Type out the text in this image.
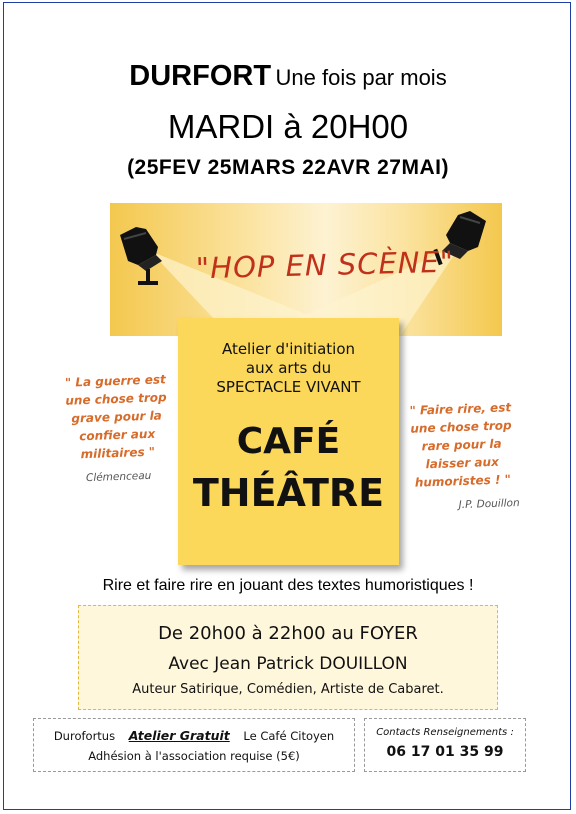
DURFORT Une fois par mois
MARDI à 20H00
(25FEV 25MARS 22AVR 27MAI)
"HOP EN SCÈNE"
" La guerre est
une chose trop
grave pour la
confier aux
militaires "
Clémenceau
Atelier d'initiation
aux arts du
SPECTACLE VIVANT
CAFÉ
THÉÂTRE
" Faire rire, est
une chose trop
rare pour la
laisser aux
humoristes ! "
J.P. Douillon
Rire et faire rire en jouant des textes humoristiques !
De 20h00 à 22h00 au FOYER
Avec Jean Patrick DOUILLON
Auteur Satirique, Comédien, Artiste de Cabaret.
Durofortus Atelier Gratuit Le Café Citoyen
Adhésion à l'association requise (5€)
Contacts Renseignements :
06 17 01 35 99
